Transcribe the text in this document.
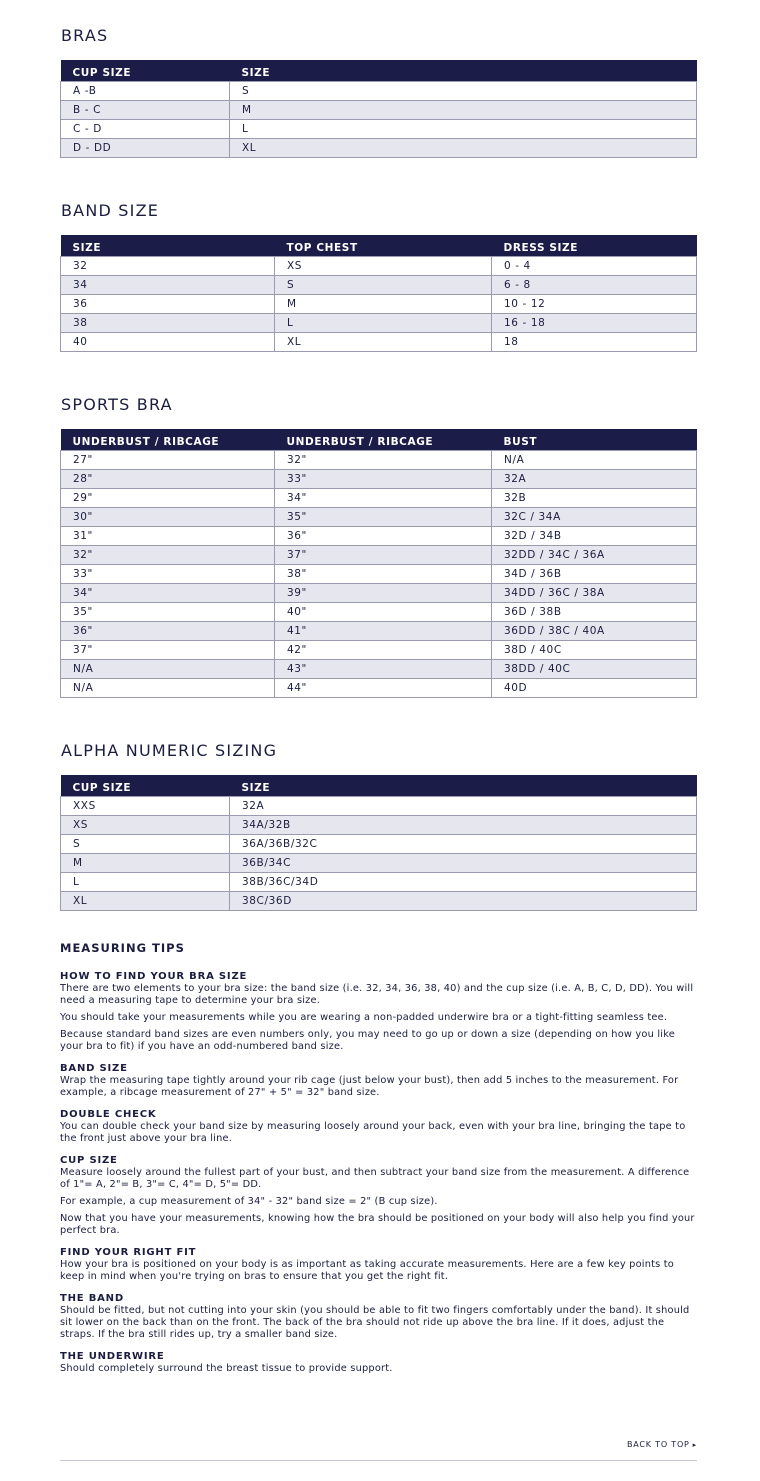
BRAS
CUP SIZE	SIZE
A -B	S
B - C	M
C - D	L
D - DD	XL
BAND SIZE
SIZE	TOP CHEST	DRESS SIZE
32	XS	0 - 4
34	S	6 - 8
36	M	10 - 12
38	L	16 - 18
40	XL	18
SPORTS BRA
UNDERBUST / RIBCAGE	UNDERBUST / RIBCAGE	BUST
27"	32"	N/A
28"	33"	32A
29"	34"	32B
30"	35"	32C / 34A
31"	36"	32D / 34B
32"	37"	32DD / 34C / 36A
33"	38"	34D / 36B
34"	39"	34DD / 36C / 38A
35"	40"	36D / 38B
36"	41"	36DD / 38C / 40A
37"	42"	38D / 40C
N/A	43"	38DD / 40C
N/A	44"	40D
ALPHA NUMERIC SIZING
CUP SIZE	SIZE
XXS	32A
XS	34A/32B
S	36A/36B/32C
M	36B/34C
L	38B/36C/34D
XL	38C/36D
MEASURING TIPS
HOW TO FIND YOUR BRA SIZE

There are two elements to your bra size: the band size (i.e. 32, 34, 36, 38, 40) and the cup size (i.e. A, B, C, D, DD). You will need a measuring tape to determine your bra size.

You should take your measurements while you are wearing a non-padded underwire bra or a tight-fitting seamless tee.

Because standard band sizes are even numbers only, you may need to go up or down a size (depending on how you like your bra to fit) if you have an odd-numbered band size.

BAND SIZE

Wrap the measuring tape tightly around your rib cage (just below your bust), then add 5 inches to the measurement. For example, a ribcage measurement of 27" + 5" = 32" band size.

DOUBLE CHECK

You can double check your band size by measuring loosely around your back, even with your bra line, bringing the tape to the front just above your bra line.

CUP SIZE

Measure loosely around the fullest part of your bust, and then subtract your band size from the measurement. A difference of 1"= A, 2"= B, 3"= C, 4"= D, 5"= DD.

For example, a cup measurement of 34" - 32" band size = 2" (B cup size).

Now that you have your measurements, knowing how the bra should be positioned on your body will also help you find your perfect bra.

FIND YOUR RIGHT FIT

How your bra is positioned on your body is as important as taking accurate measurements. Here are a few key points to keep in mind when you're trying on bras to ensure that you get the right fit.

THE BAND

Should be fitted, but not cutting into your skin (you should be able to fit two fingers comfortably under the band). It should sit lower on the back than on the front. The back of the bra should not ride up above the bra line. If it does, adjust the straps. If the bra still rides up, try a smaller band size.

THE UNDERWIRE

Should completely surround the breast tissue to provide support.

BACK TO TOP ▸
